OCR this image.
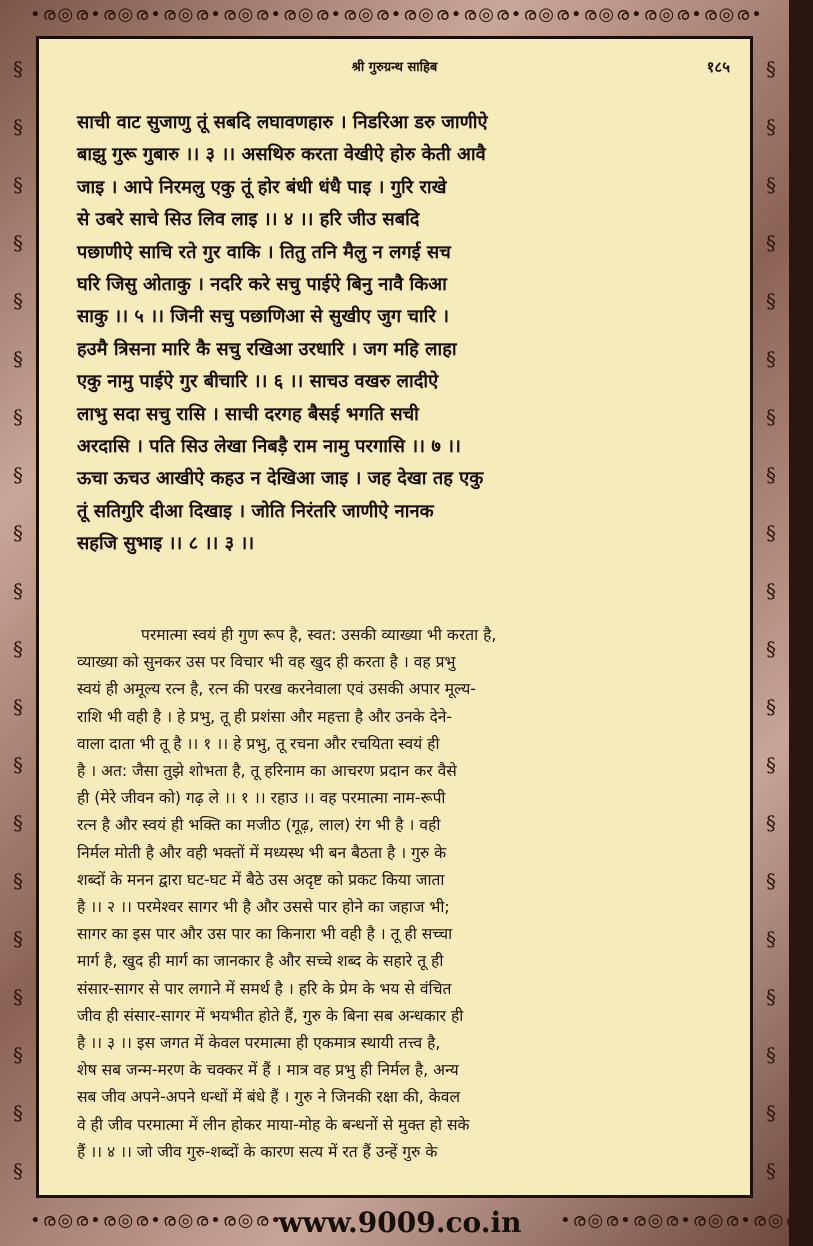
•ര◎ര•ര◎ര•ര◎ര•ര◎ര•ര◎ര•ര◎ര•ര◎ര•ര◎ര•ര◎ര•ര◎ര•ര◎ര•ര◎ര•
§
§
§
§
§
§
§
§
§
§
§
§
§
§
§
§
§
§
§
§
§
§
§
§
§
§
§
§
§
§
§
§
§
§
§
§
§
§
§
§
•ര◎ര•ര◎ര•ര◎ര•ര◎ര•	•ര◎ര•ര◎ര•ര◎ര•ര◎ര•
www.9009.co.in
श्री गुरुग्रन्थ साहिब	१८५

साची वाट सुजाणु तूं सबदि लघावणहारु । निडरिआ डरु जाणीऐ

बाझु गुरू गुबारु ।। ३ ।। असथिरु करता वेखीऐ होरु केती आवै

जाइ । आपे निरमलु एकु तूं होर बंधी धंधै पाइ । गुरि राखे

से उबरे साचे सिउ लिव लाइ ।। ४ ।। हरि जीउ सबदि

पछाणीऐ साचि रते गुर वाकि । तितु तनि मैलु न लगई सच

घरि जिसु ओताकु । नदरि करे सचु पाईऐ बिनु नावै किआ

साकु ।। ५ ।। जिनी सचु पछाणिआ से सुखीए जुग चारि ।

हउमै त्रिसना मारि कै सचु रखिआ उरधारि । जग महि लाहा

एकु नामु पाईऐ गुर बीचारि ।। ६ ।। साचउ वखरु लादीऐ

लाभु सदा सचु रासि । साची दरगह बैसई भगति सची

अरदासि । पति सिउ लेखा निबड़ै राम नामु परगासि ।। ७ ।।

ऊचा ऊचउ आखीऐ कहउ न देखिआ जाइ । जह देखा तह एकु

तूं सतिगुरि दीआ दिखाइ । जोति निरंतरि जाणीऐ नानक

सहजि सुभाइ ।। ८ ।। ३ ।।

परमात्मा स्वयं ही गुण रूप है, स्वत: उसकी व्याख्या भी करता है,

व्याख्या को सुनकर उस पर विचार भी वह खुद ही करता है । वह प्रभु

स्वयं ही अमूल्य रत्न है, रत्न की परख करनेवाला एवं उसकी अपार मूल्य-

राशि भी वही है । हे प्रभु, तू ही प्रशंसा और महत्ता है और उनके देने-

वाला दाता भी तू है ।। १ ।। हे प्रभु, तू रचना और रचयिता स्वयं ही

है । अत: जैसा तुझे शोभता है, तू हरिनाम का आचरण प्रदान कर वैसे

ही (मेरे जीवन को) गढ़ ले ।। १ ।। रहाउ ।। वह परमात्मा नाम-रूपी

रत्न है और स्वयं ही भक्ति का मजीठ (गूढ़, लाल) रंग भी है । वही

निर्मल मोती है और वही भक्तों में मध्यस्थ भी बन बैठता है । गुरु के

शब्दों के मनन द्वारा घट-घट में बैठे उस अदृष्ट को प्रकट किया जाता

है ।। २ ।। परमेश्वर सागर भी है और उससे पार होने का जहाज भी;

सागर का इस पार और उस पार का किनारा भी वही है । तू ही सच्चा

मार्ग है, खुद ही मार्ग का जानकार है और सच्चे शब्द के सहारे तू ही

संसार-सागर से पार लगाने में समर्थ है । हरि के प्रेम के भय से वंचित

जीव ही संसार-सागर में भयभीत होते हैं, गुरु के बिना सब अन्धकार ही

है ।। ३ ।। इस जगत में केवल परमात्मा ही एकमात्र स्थायी तत्त्व है,

शेष सब जन्म-मरण के चक्कर में हैं । मात्र वह प्रभु ही निर्मल है, अन्य

सब जीव अपने-अपने धन्धों में बंधे हैं । गुरु ने जिनकी रक्षा की, केवल

वे ही जीव परमात्मा में लीन होकर माया-मोह के बन्धनों से मुक्त हो सके

हैं ।। ४ ।। जो जीव गुरु-शब्दों के कारण सत्य में रत हैं उन्हें गुरु के
